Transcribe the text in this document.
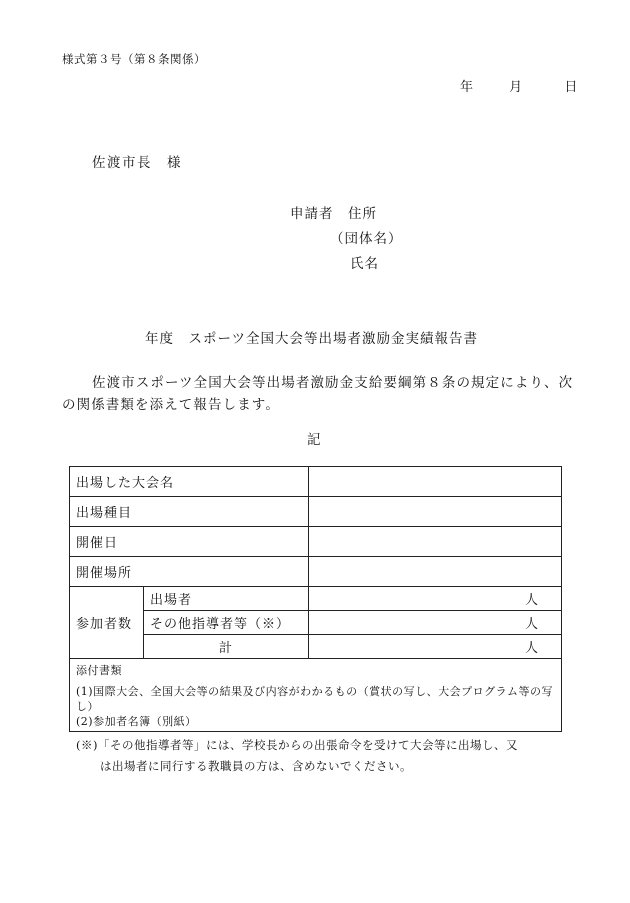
様式第３号（第８条関係）
年	月	日
佐渡市長　様
申請者　住所
（団体名）
氏名
年度　スポーツ全国大会等出場者激励金実績報告書
佐渡市スポーツ全国大会等出場者激励金支給要綱第８条の規定により、次の関係書類を添えて報告します。
記
出場した大会名		
出場種目		
開催日		
開催場所		
参加者数	出場者	人
	その他指導者等（※）	人
	計	人

添付書類
(1)国際大会、全国大会等の結果及び内容がわかるもの（賞状の写し、大会プログラム等の写し）
(2)参加者名簿（別紙）		
(※)「その他指導者等」には、学校長からの出張命令を受けて大会等に出場し、又
は出場者に同行する教職員の方は、含めないでください。
